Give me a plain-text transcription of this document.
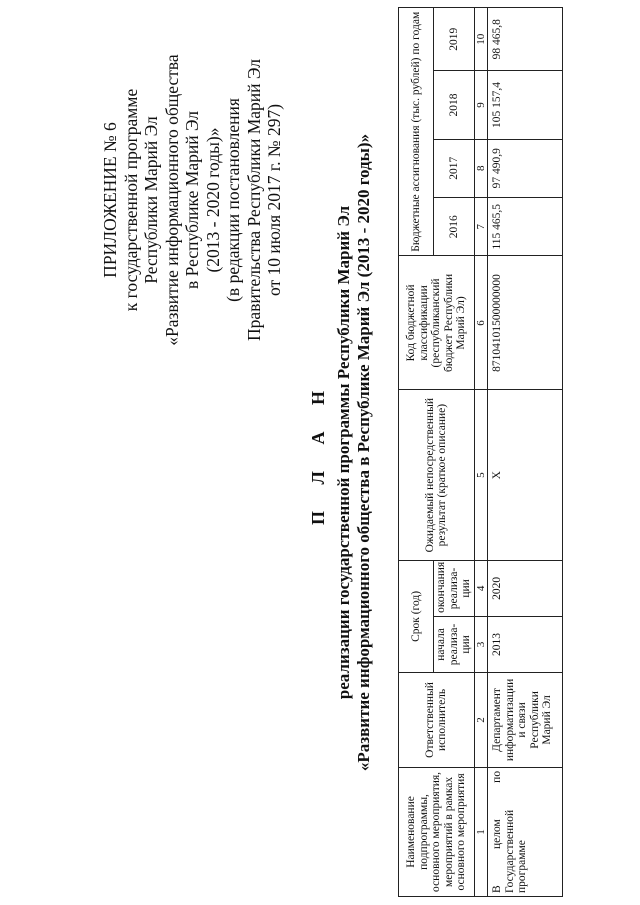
ПРИЛОЖЕНИЕ № 6 к государственной программе Республики Марий Эл «Развитие информационного общества в Республике Марий Эл (2013 - 2020 годы)» (в редакции постановления Правительства Республики Марий Эл от 10 июля 2017 г. № 297)
П Л А Н реализации государственной программы Республики Марий Эл «Развитие информационного общества в Республике Марий Эл (2013 - 2020 годы)»
Наименование подпрограммы, основного мероприятия, мероприятий в рамках основного мероприятия	Ответственный исполнитель	Срок (год)		Ожидаемый непосредственный результат (краткое описание)	Код бюджетной классификации (республиканский бюджет Республики Марий Эл)	Бюджетные ассигнования (тыс. рублей) по годам			
		начала реализа-ции	окончания реализа-ции			2016	2017	2018	2019
1	2	3	4	5	6	7	8	9	10
В целом по Государственной программе	Департамент информатизации и связи Республики Марий Эл	2013	2020	Х	87104101500000000	115 465,5	97 490,9	105 157,4	98 465,8
